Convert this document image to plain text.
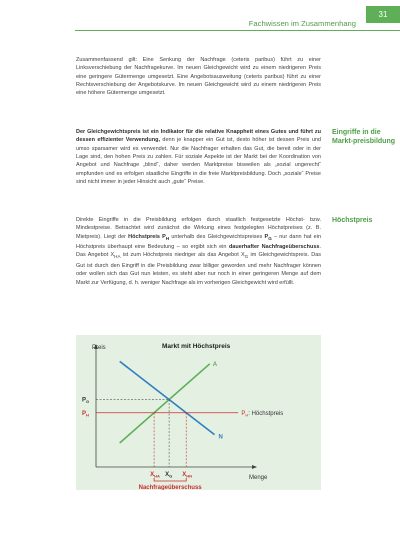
Fachwissen im Zusammenhang
31
Zusammenfassend gilt: Eine Senkung der Nachfrage (ceteris paribus) führt zu einer Linksverschiebung der Nachfragekurve. Im neuen Gleichgewicht wird zu einem niedrigeren Preis eine geringere Gütermenge umgesetzt. Eine Angebotsausweitung (ceteris paribus) führt zu einer Rechtsverschiebung der Angebotskurve. Im neuen Gleichgewicht wird zu einem niedrigeren Preis eine höhere Gütermenge umgesetzt.
Der Gleichgewichtspreis ist ein Indikator für die relative Knappheit eines Gutes und führt zu dessen effizienter Verwendung, denn je knapper ein Gut ist, desto höher ist dessen Preis und umso sparsamer wird es verwendet. Nur die Nachfrager erhalten das Gut, die bereit oder in der Lage sind, den hohen Preis zu zahlen. Für soziale Aspekte ist der Markt bei der Koordination von Angebot und Nachfrage „blind“, daher werden Marktpreise bisweilen als „sozial ungerecht“ empfunden und es erfolgen staatliche Eingriffe in die freie Marktpreisbildung. Doch „soziale“ Preise sind nicht immer in jeder Hinsicht auch „gute“ Preise.
Eingriffe in die Markt-preisbildung
Direkte Eingriffe in die Preisbildung erfolgen durch staatlich festgesetzte Höchst- bzw. Mindestpreise. Betrachtet wird zunächst die Wirkung eines festgelegten Höchstpreises (z. B. Mietpreis). Liegt der Höchstpreis $P_H$ unterhalb des Gleichgewichtspreises $P_G$ – nur dann hat ein Höchstpreis überhaupt eine Bedeutung – so ergibt sich ein dauerhafter Nachfrageüberschuss. Das Angebot $X_{HA}$ ist zum Höchstpreis niedriger als das Angebot $X_G$ im Gleichgewichtspreis. Das Gut ist durch den Eingriff in die Preisbildung zwar billiger geworden und mehr Nachfrager können oder wollen sich das Gut nun leisten, es steht aber nur noch in einer geringeren Menge auf dem Markt zur Verfügung, d. h. weniger Nachfrage als im vorherigen Gleichgewicht wird erfüllt.
Höchstpreis
Preis
Menge
Markt mit Höchstpreis
A
N
$P_G$
$P_H$	$P_H$: Höchstpreis
$X_{HA}$ $X_G$ $X_{HN}$
Nachfrageüberschuss
